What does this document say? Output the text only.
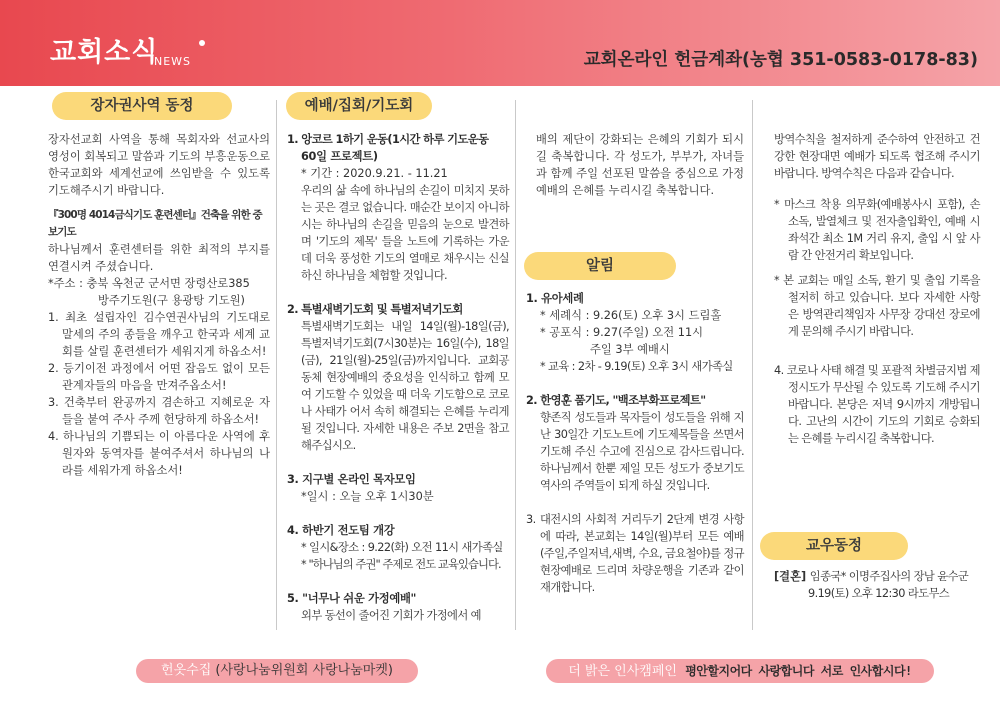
교회소식
NEWS	교회온라인 헌금계좌(농협 351-0583-0178-83)
장자권사역 동정	예배/집회/기도회
알림
교우동정

장자선교회 사역을 통해 목회자와 선교사의 영성이 회복되고 말씀과 기도의 부흥운동으로 한국교회와 세계선교에 쓰임받을 수 있도록 기도해주시기 바랍니다.

『300명 4014금식기도 훈련센터』건축을 위한 중보기도

하나님께서 훈련센터를 위한 최적의 부지를 연결시켜 주셨습니다.

*주소 : 충북 옥천군 군서면 장령산로385

방주기도원(구 용광탕 기도원)

1. 최초 설립자인 김수연권사님의 기도대로 말세의 주의 종들을 깨우고 한국과 세계 교회를 살릴 훈련센터가 세워지게 하옵소서!

2. 등기이전 과정에서 어떤 잡음도 없이 모든 관계자들의 마음을 만져주옵소서!

3. 건축부터 완공까지 겸손하고 지혜로운 자들을 붙여 주사 주께 헌당하게 하옵소서!

4. 하나님의 기쁨되는 이 아름다운 사역에 후원자와 동역자를 붙여주셔서 하나님의 나라를 세워가게 하옵소서!

1. 앙코르 1하기 운동(1시간 하루 기도운동

60일 프로젝트)

* 기간 : 2020.9.21. - 11.21

우리의 삶 속에 하나님의 손길이 미치지 못하는 곳은 결코 없습니다. 매순간 보이지 아니하시는 하나님의 손길을 믿음의 눈으로 발견하며 '기도의 제목' 들을 노트에 기록하는 가운데 더욱 풍성한 기도의 열매로 채우시는 신실하신 하나님을 체험할 것입니다.

2. 특별새벽기도회 및 특별저녁기도회

특별새벽기도회는 내일 14일(월)-18일(금), 특별저녁기도회(7시30분)는 16일(수), 18일(금), 21일(월)-25일(금)까지입니다. 교회공동체 현장예배의 중요성을 인식하고 함께 모여 기도할 수 있었을 때 더욱 기도함으로 코로나 사태가 어서 속히 해결되는 은혜를 누리게 될 것입니다. 자세한 내용은 주보 2면을 참고해주십시오.

3. 지구별 온라인 목자모임

*일시 : 오늘 오후 1시30분

4. 하반기 전도팀 개강

* 일시&장소 : 9.22(화) 오전 11시 새가족실

* "하나님의 주권" 주제로 전도 교육있습니다.

5. "너무나 쉬운 가정예배"

외부 동선이 줄어진 기회가 가정에서 예

배의 제단이 강화되는 은혜의 기회가 되시길 축복합니다. 각 성도가, 부부가, 자녀들과 함께 주일 선포된 말씀을 중심으로 가정예배의 은혜를 누리시길 축복합니다.

1. 유아세례

* 세례식 : 9.26(토) 오후 3시 드림홀

* 공포식 : 9.27(주일) 오전 11시

주일 3부 예배시

* 교육 : 2차 - 9.19(토) 오후 3시 새가족실

2. 한영훈 품기도, "백조부화프로젝트"

향존직 성도들과 목자들이 성도들을 위해 지난 30일간 기도노트에 기도제목들을 쓰면서 기도해 주신 수고에 진심으로 감사드립니다. 하나님께서 한뿐 제일 모든 성도가 중보기도 역사의 주역들이 되게 하실 것입니다.

3. 대전시의 사회적 거리두기 2단계 변경 사항에 따라, 본교회는 14일(월)부터 모든 예배(주일,주일저녁,새벽, 수요, 금요철야)를 정규 현장예배로 드리며 차량운행을 기존과 같이 재개합니다.

방역수칙을 철저하게 준수하여 안전하고 건강한 현장대면 예배가 되도록 협조해 주시기 바랍니다. 방역수칙은 다음과 같습니다.

* 마스크 착용 의무화(예배봉사시 포함), 손 소독, 발열체크 및 전자출입확인, 예배 시 좌석간 최소 1M 거리 유지, 출입 시 앞 사람 간 안전거리 확보입니다.

* 본 교회는 매일 소독, 환기 및 출입 기록을 철저히 하고 있습니다. 보다 자세한 사항은 방역관리책임자 사무장 강대선 장로에게 문의해 주시기 바랍니다.

4. 코로나 사태 해결 및 포괄적 차별금지법 제정시도가 무산될 수 있도록 기도해 주시기 바랍니다. 본당은 저녁 9시까지 개방됩니다. 고난의 시간이 기도의 기회로 승화되는 은혜를 누리시길 축복합니다.

[결혼] 임종국* 이명주집사의 장남 윤수군

9.19(토) 오후 12:30 라도무스

헌옷수집 (사랑나눔위원회 사랑나눔마켓)	더 밝은 인사캠페인 평안할지어다 사랑합니다 서로 인사합시다!
